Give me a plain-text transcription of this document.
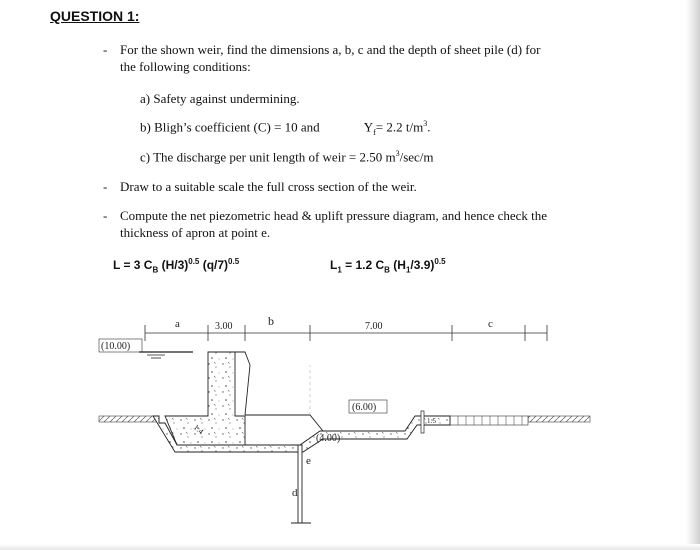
QUESTION 1:
- For the shown weir, find the dimensions a, b, c and the depth of sheet pile (d) for
the following conditions:
a) Safety against undermining.
b) Bligh’s coefficient (C) = 10 and	$Y_f= 2.2$ $t/m^3$.
c) The discharge per unit length of weir = 2.50 $m^3/\sec/m$
- Draw to a suitable scale the full cross section of the weir.
- Compute the net piezometric head & uplift pressure diagram, and hence check the
thickness of apron at point e.
L = 3 $C_B$ $(H/3)^{0.5}$ $(q/7)^{0.5}$	$L_1 = 1.2$ $C_B$ $(H_1/3.9)^{0.5}$
a	3.00	b	7.00	c
(10.00)
1:4
1:5
(6.00)
(4.00)
e
d
